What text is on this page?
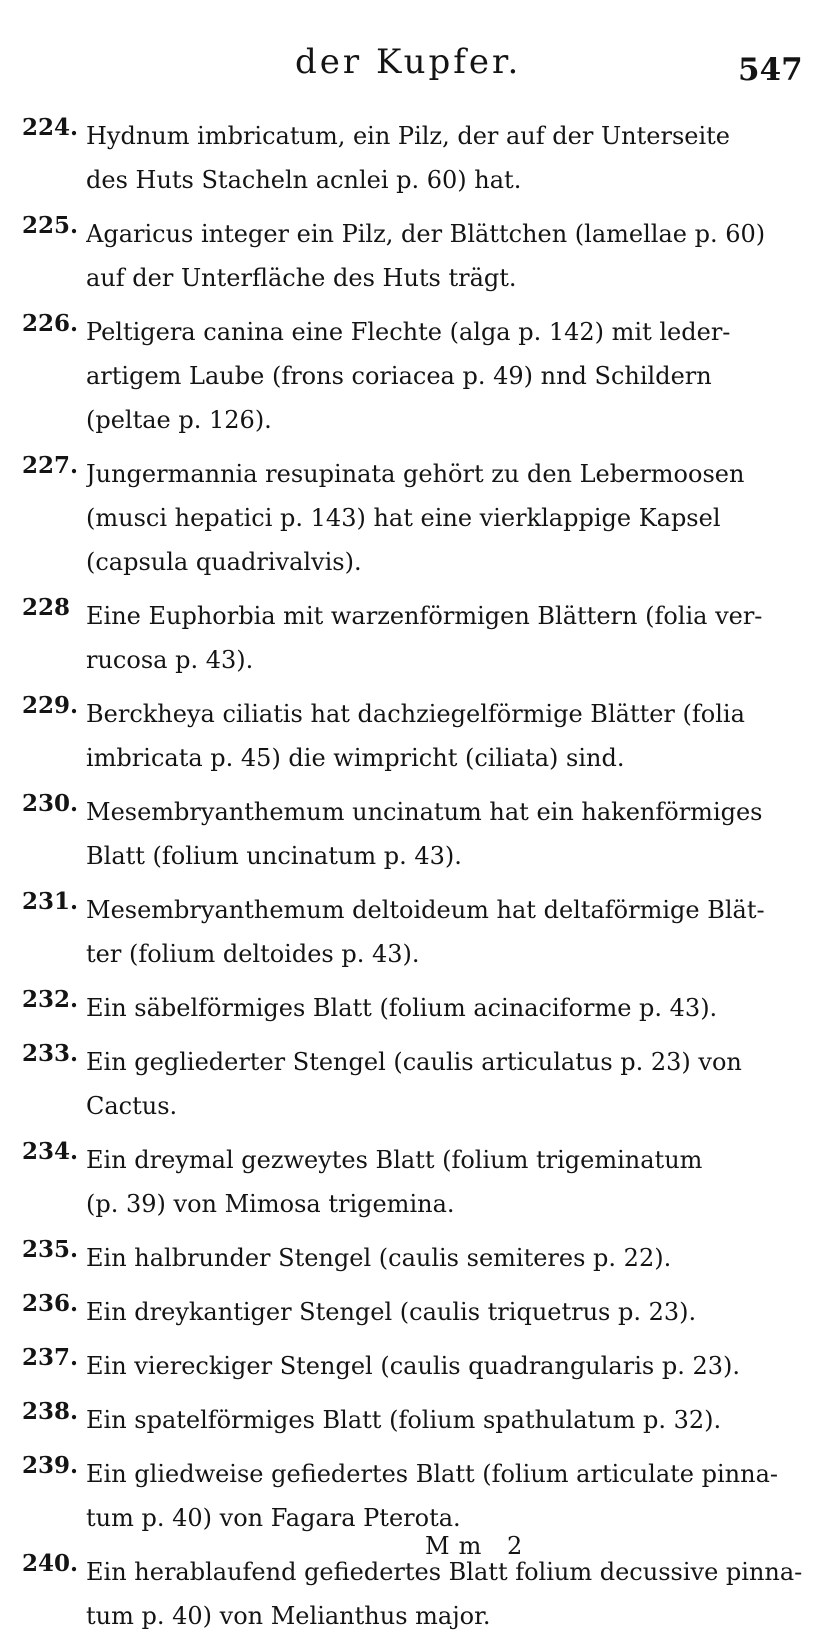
der Kupfer.	547
224. Hydnum imbricatum, ein Pilz, der auf der Unterseite
des Huts Stacheln acnlei p. 60) hat.
225. Agaricus integer ein Pilz, der Blättchen (lamellae p. 60)
auf der Unterfläche des Huts trägt.
226. Peltigera canina eine Flechte (alga p. 142) mit leder-
artigem Laube (frons coriacea p. 49) nnd Schildern
(peltae p. 126).
227. Jungermannia resupinata gehört zu den Lebermoosen
(musci hepatici p. 143) hat eine vierklappige Kapsel
(capsula quadrivalvis).
228 Eine Euphorbia mit warzenförmigen Blättern (folia ver-
rucosa p. 43).
229. Berckheya ciliatis hat dachziegelförmige Blätter (folia
imbricata p. 45) die wimpricht (ciliata) sind.
230. Mesembryanthemum uncinatum hat ein hakenförmiges
Blatt (folium uncinatum p. 43).
231. Mesembryanthemum deltoideum hat deltaförmige Blät-
ter (folium deltoides p. 43).
232. Ein säbelförmiges Blatt (folium acinaciforme p. 43).
233. Ein gegliederter Stengel (caulis articulatus p. 23) von
Cactus.
234. Ein dreymal gezweytes Blatt (folium trigeminatum
(p. 39) von Mimosa trigemina.
235. Ein halbrunder Stengel (caulis semiteres p. 22).
236. Ein dreykantiger Stengel (caulis triquetrus p. 23).
237. Ein viereckiger Stengel (caulis quadrangularis p. 23).
238. Ein spatelförmiges Blatt (folium spathulatum p. 32).
239. Ein gliedweise gefiedertes Blatt (folium articulate pinna-
tum p. 40) von Fagara Pterota.
240. Ein herablaufend gefiedertes Blatt folium decussive pinna-
tum p. 40) von Melianthus major.
Mm 2
